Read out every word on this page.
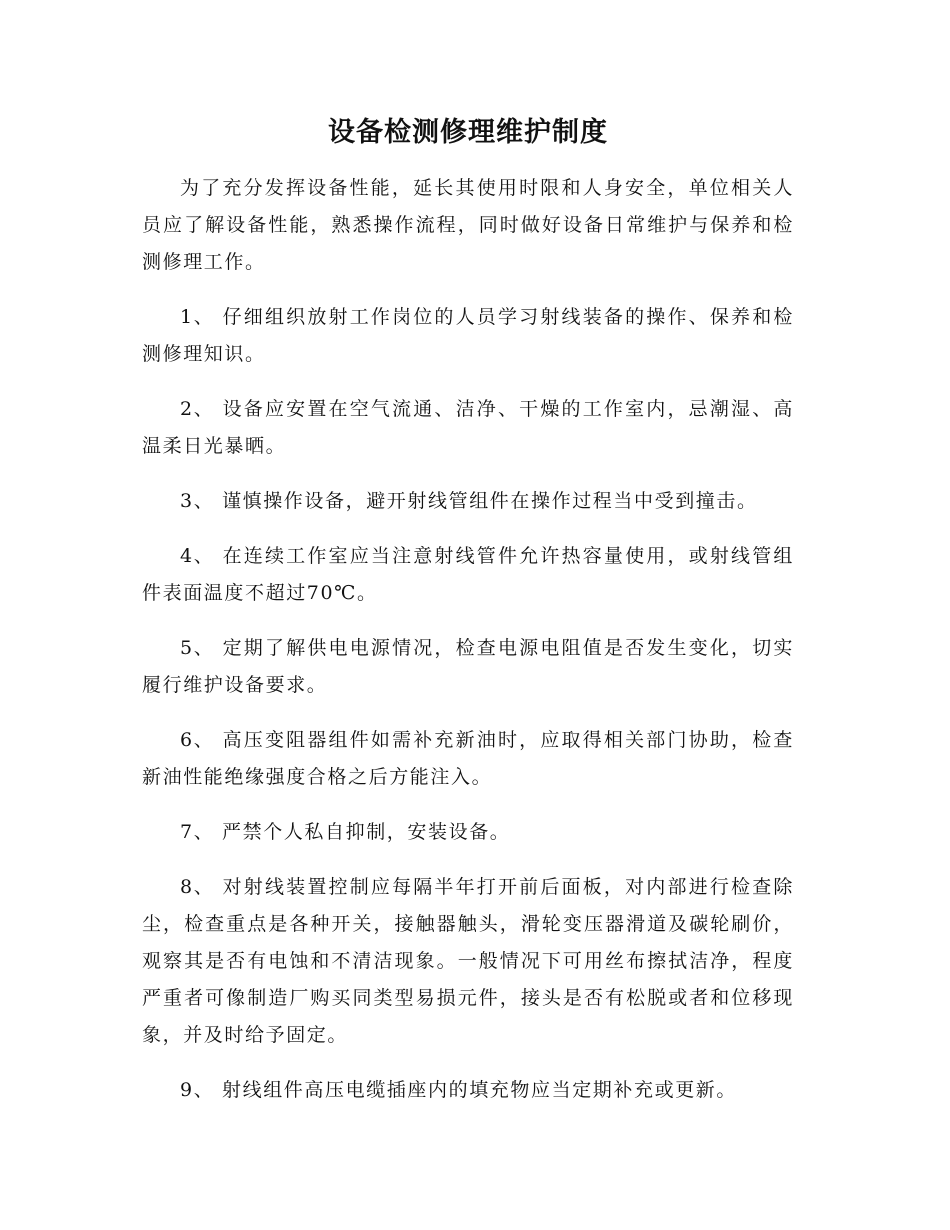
设备检测修理维护制度

为了充分发挥设备性能，延长其使用时限和人身安全，单位相关人员应了解设备性能，熟悉操作流程，同时做好设备日常维护与保养和检测修理工作。

1、 仔细组织放射工作岗位的人员学习射线装备的操作、保养和检测修理知识。

2、 设备应安置在空气流通、洁净、干燥的工作室内，忌潮湿、高温柔日光暴晒。

3、 谨慎操作设备，避开射线管组件在操作过程当中受到撞击。

4、 在连续工作室应当注意射线管件允许热容量使用，或射线管组件表面温度不超过70℃。

5、 定期了解供电电源情况，检查电源电阻值是否发生变化，切实履行维护设备要求。

6、 高压变阻器组件如需补充新油时，应取得相关部门协助，检查新油性能绝缘强度合格之后方能注入。

7、 严禁个人私自抑制，安装设备。

8、 对射线装置控制应每隔半年打开前后面板，对内部进行检查除尘，检查重点是各种开关，接触器触头，滑轮变压器滑道及碳轮刷价，观察其是否有电蚀和不清洁现象。一般情况下可用丝布擦拭洁净，程度严重者可像制造厂购买同类型易损元件，接头是否有松脱或者和位移现象，并及时给予固定。

9、 射线组件高压电缆插座内的填充物应当定期补充或更新。
